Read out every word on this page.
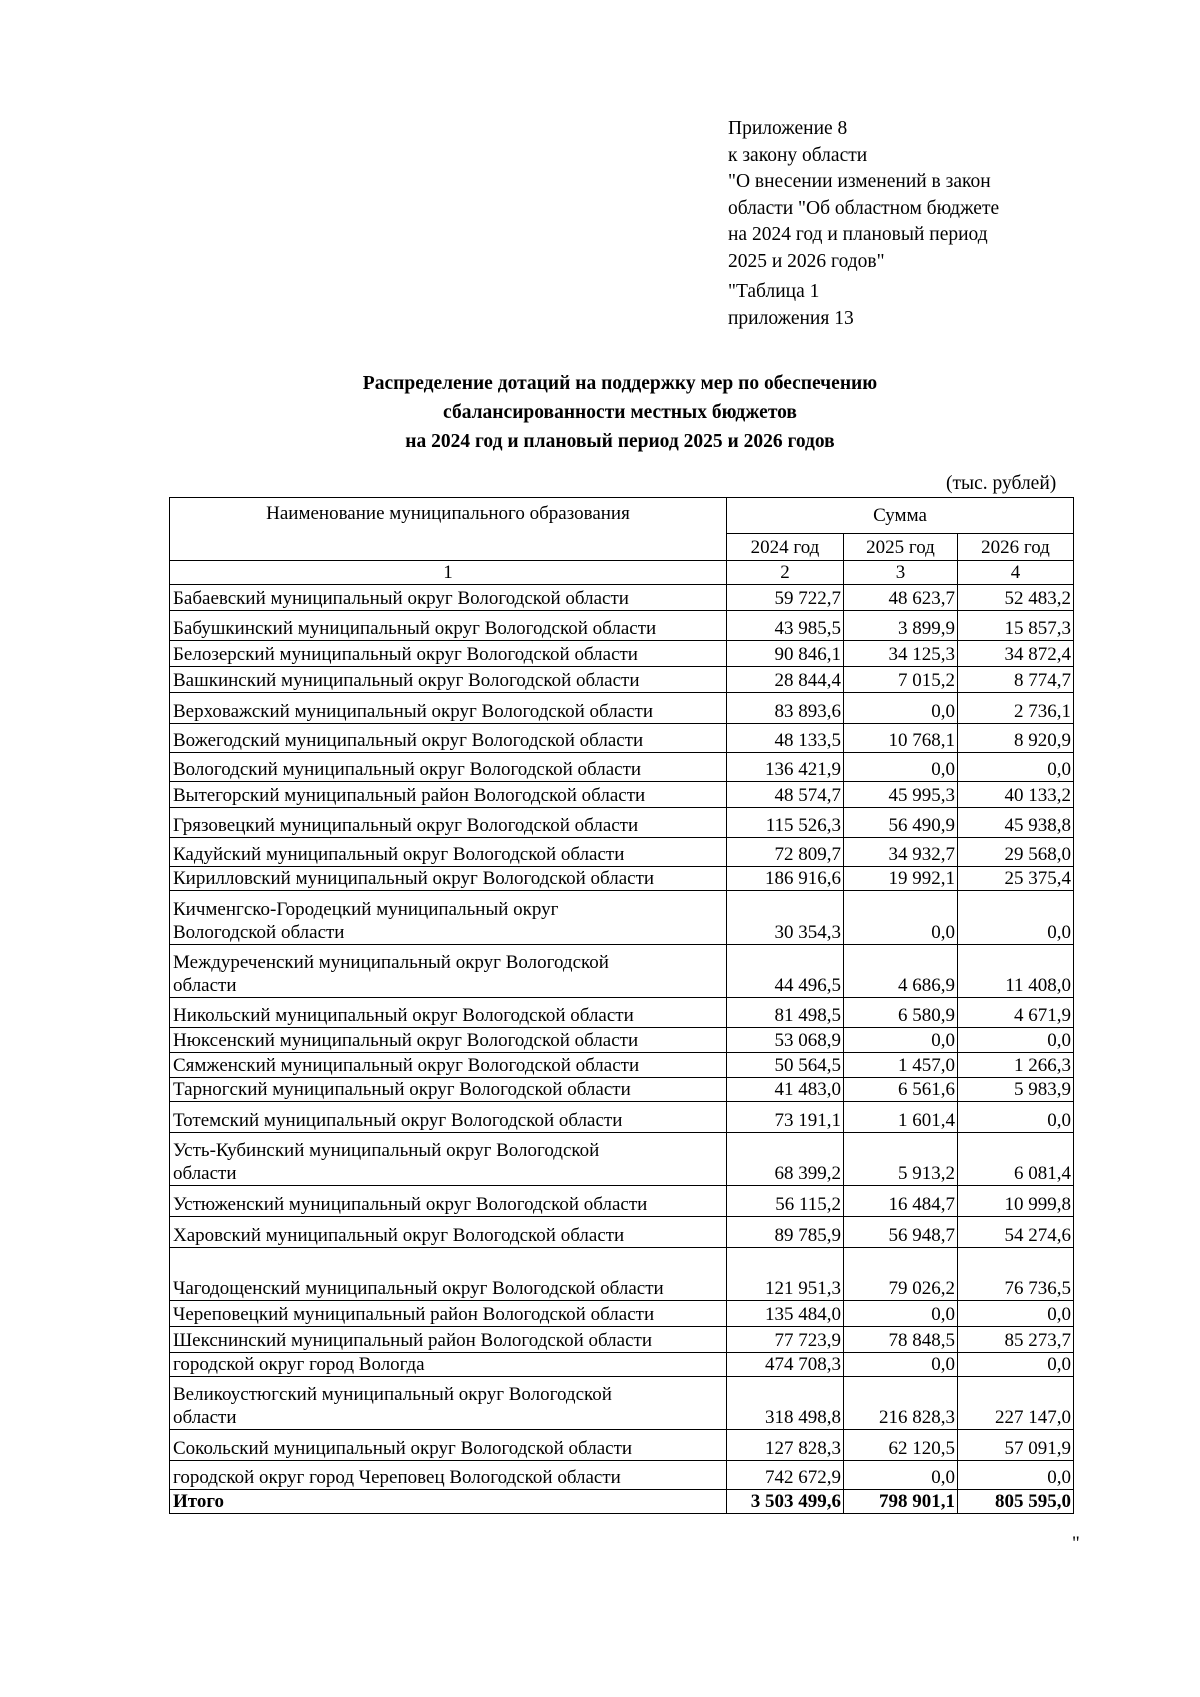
Приложение 8
к закону области
"О внесении изменений в закон
области "Об областном бюджете
на 2024 год и плановый период
2025 и 2026 годов"
"Таблица 1
приложения 13
Распределение дотаций на поддержку мер по обеспечению
сбалансированности местных бюджетов
на 2024 год и плановый период 2025 и 2026 годов
(тыс. рублей)
Наименование муниципального образования	Сумма		
	2024 год	2025 год	2026 год
1	2	3	4
Бабаевский муниципальный округ Вологодской области	59 722,7	48 623,7	52 483,2
Бабушкинский муниципальный округ Вологодской области	43 985,5	3 899,9	15 857,3
Белозерский муниципальный округ Вологодской области	90 846,1	34 125,3	34 872,4
Вашкинский муниципальный округ Вологодской области	28 844,4	7 015,2	8 774,7
Верховажский муниципальный округ Вологодской области	83 893,6	0,0	2 736,1
Вожегодский муниципальный округ Вологодской области	48 133,5	10 768,1	8 920,9
Вологодский муниципальный округ Вологодской области	136 421,9	0,0	0,0
Вытегорский муниципальный район Вологодской области	48 574,7	45 995,3	40 133,2
Грязовецкий муниципальный округ Вологодской области	115 526,3	56 490,9	45 938,8
Кадуйский муниципальный округ Вологодской области	72 809,7	34 932,7	29 568,0
Кирилловский муниципальный округ Вологодской области	186 916,6	19 992,1	25 375,4
Кичменгско-Городецкий муниципальный округ Вологодской области	30 354,3	0,0	0,0
Междуреченский муниципальный округ Вологодской области	44 496,5	4 686,9	11 408,0
Никольский муниципальный округ Вологодской области	81 498,5	6 580,9	4 671,9
Нюксенский муниципальный округ Вологодской области	53 068,9	0,0	0,0
Сямженский муниципальный округ Вологодской области	50 564,5	1 457,0	1 266,3
Тарногский муниципальный округ Вологодской области	41 483,0	6 561,6	5 983,9
Тотемский муниципальный округ Вологодской области	73 191,1	1 601,4	0,0
Усть-Кубинский муниципальный округ Вологодской области	68 399,2	5 913,2	6 081,4
Устюженский муниципальный округ Вологодской области	56 115,2	16 484,7	10 999,8
Харовский муниципальный округ Вологодской области	89 785,9	56 948,7	54 274,6
Чагодощенский муниципальный округ Вологодской области	121 951,3	79 026,2	76 736,5
Череповецкий муниципальный район Вологодской области	135 484,0	0,0	0,0
Шекснинский муниципальный район Вологодской области	77 723,9	78 848,5	85 273,7
городской округ город Вологда	474 708,3	0,0	0,0
Великоустюгский муниципальный округ Вологодской области	318 498,8	216 828,3	227 147,0
Сокольский муниципальный округ Вологодской области	127 828,3	62 120,5	57 091,9
городской округ город Череповец Вологодской области	742 672,9	0,0	0,0
Итого	3 503 499,6	798 901,1	805 595,0
"
